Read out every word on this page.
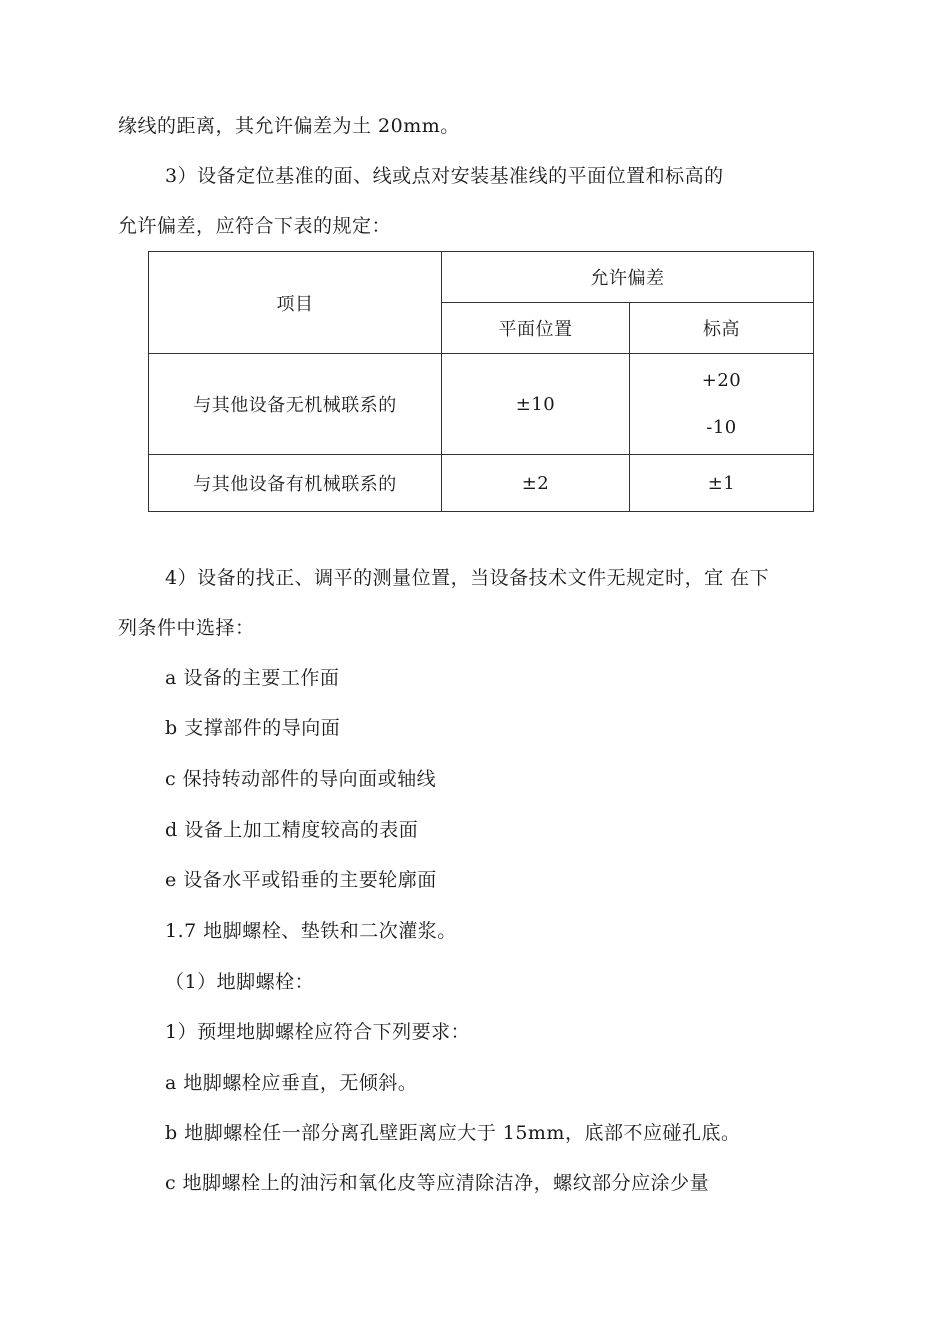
缘线的距离，其允许偏差为土 20mm。
3）设备定位基准的面、线或点对安装基准线的平面位置和标高的
允许偏差，应符合下表的规定：
项目	允许偏差	
	平面位置	标高
与其他设备无机械联系的	±10	+20
-10

与其他设备有机械联系的	±2	±1
4）设备的找正、调平的测量位置，当设备技术文件无规定时，宜 在下
列条件中选择：
a 设备的主要工作面
b 支撑部件的导向面
c 保持转动部件的导向面或轴线
d 设备上加工精度较高的表面
e 设备水平或铅垂的主要轮廓面
1.7 地脚螺栓、垫铁和二次灌浆。
（1）地脚螺栓：
1）预埋地脚螺栓应符合下列要求：
a 地脚螺栓应垂直，无倾斜。
b 地脚螺栓任一部分离孔壁距离应大于 15mm，底部不应碰孔底。
c 地脚螺栓上的油污和氧化皮等应清除洁净，螺纹部分应涂少量
